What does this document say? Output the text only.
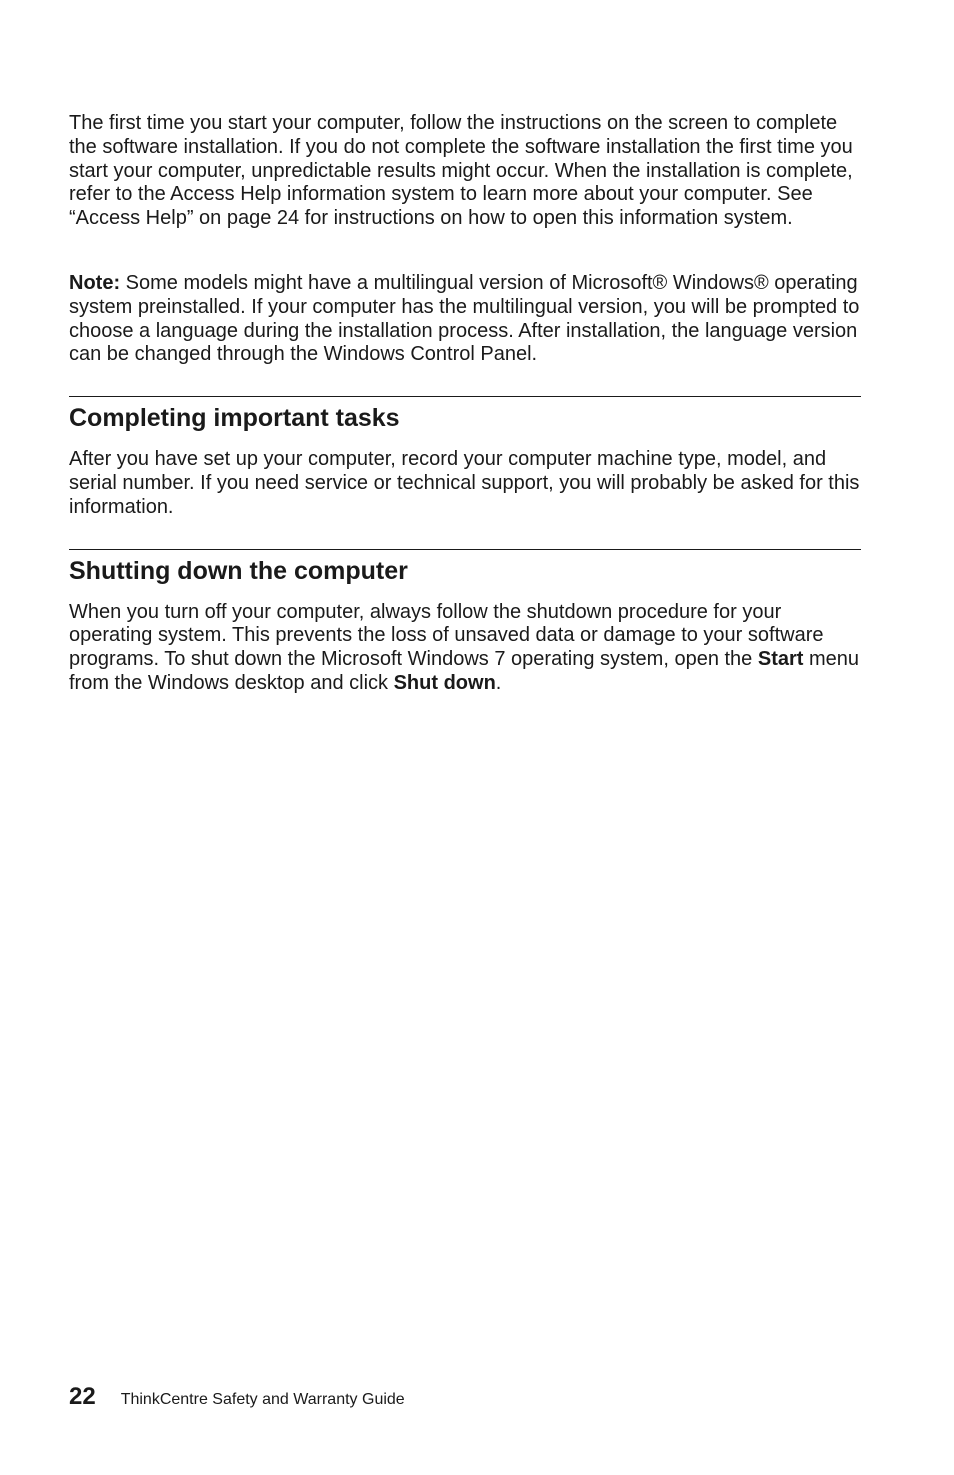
The first time you start your computer, follow the instructions on the screen to complete the software installation. If you do not complete the software installation the first time you start your computer, unpredictable results might occur. When the installation is complete, refer to the Access Help information system to learn more about your computer. See “Access Help” on page 24 for instructions on how to open this information system.

Note: Some models might have a multilingual version of Microsoft® Windows® operating system preinstalled. If your computer has the multilingual version, you will be prompted to choose a language during the installation process. After installation, the language version can be changed through the Windows Control Panel.

Completing important tasks

After you have set up your computer, record your computer machine type, model, and serial number. If you need service or technical support, you will probably be asked for this information.

Shutting down the computer

When you turn off your computer, always follow the shutdown procedure for your operating system. This prevents the loss of unsaved data or damage to your software programs. To shut down the Microsoft Windows 7 operating system, open the Start menu from the Windows desktop and click Shut down.

22 ThinkCentre Safety and Warranty Guide
